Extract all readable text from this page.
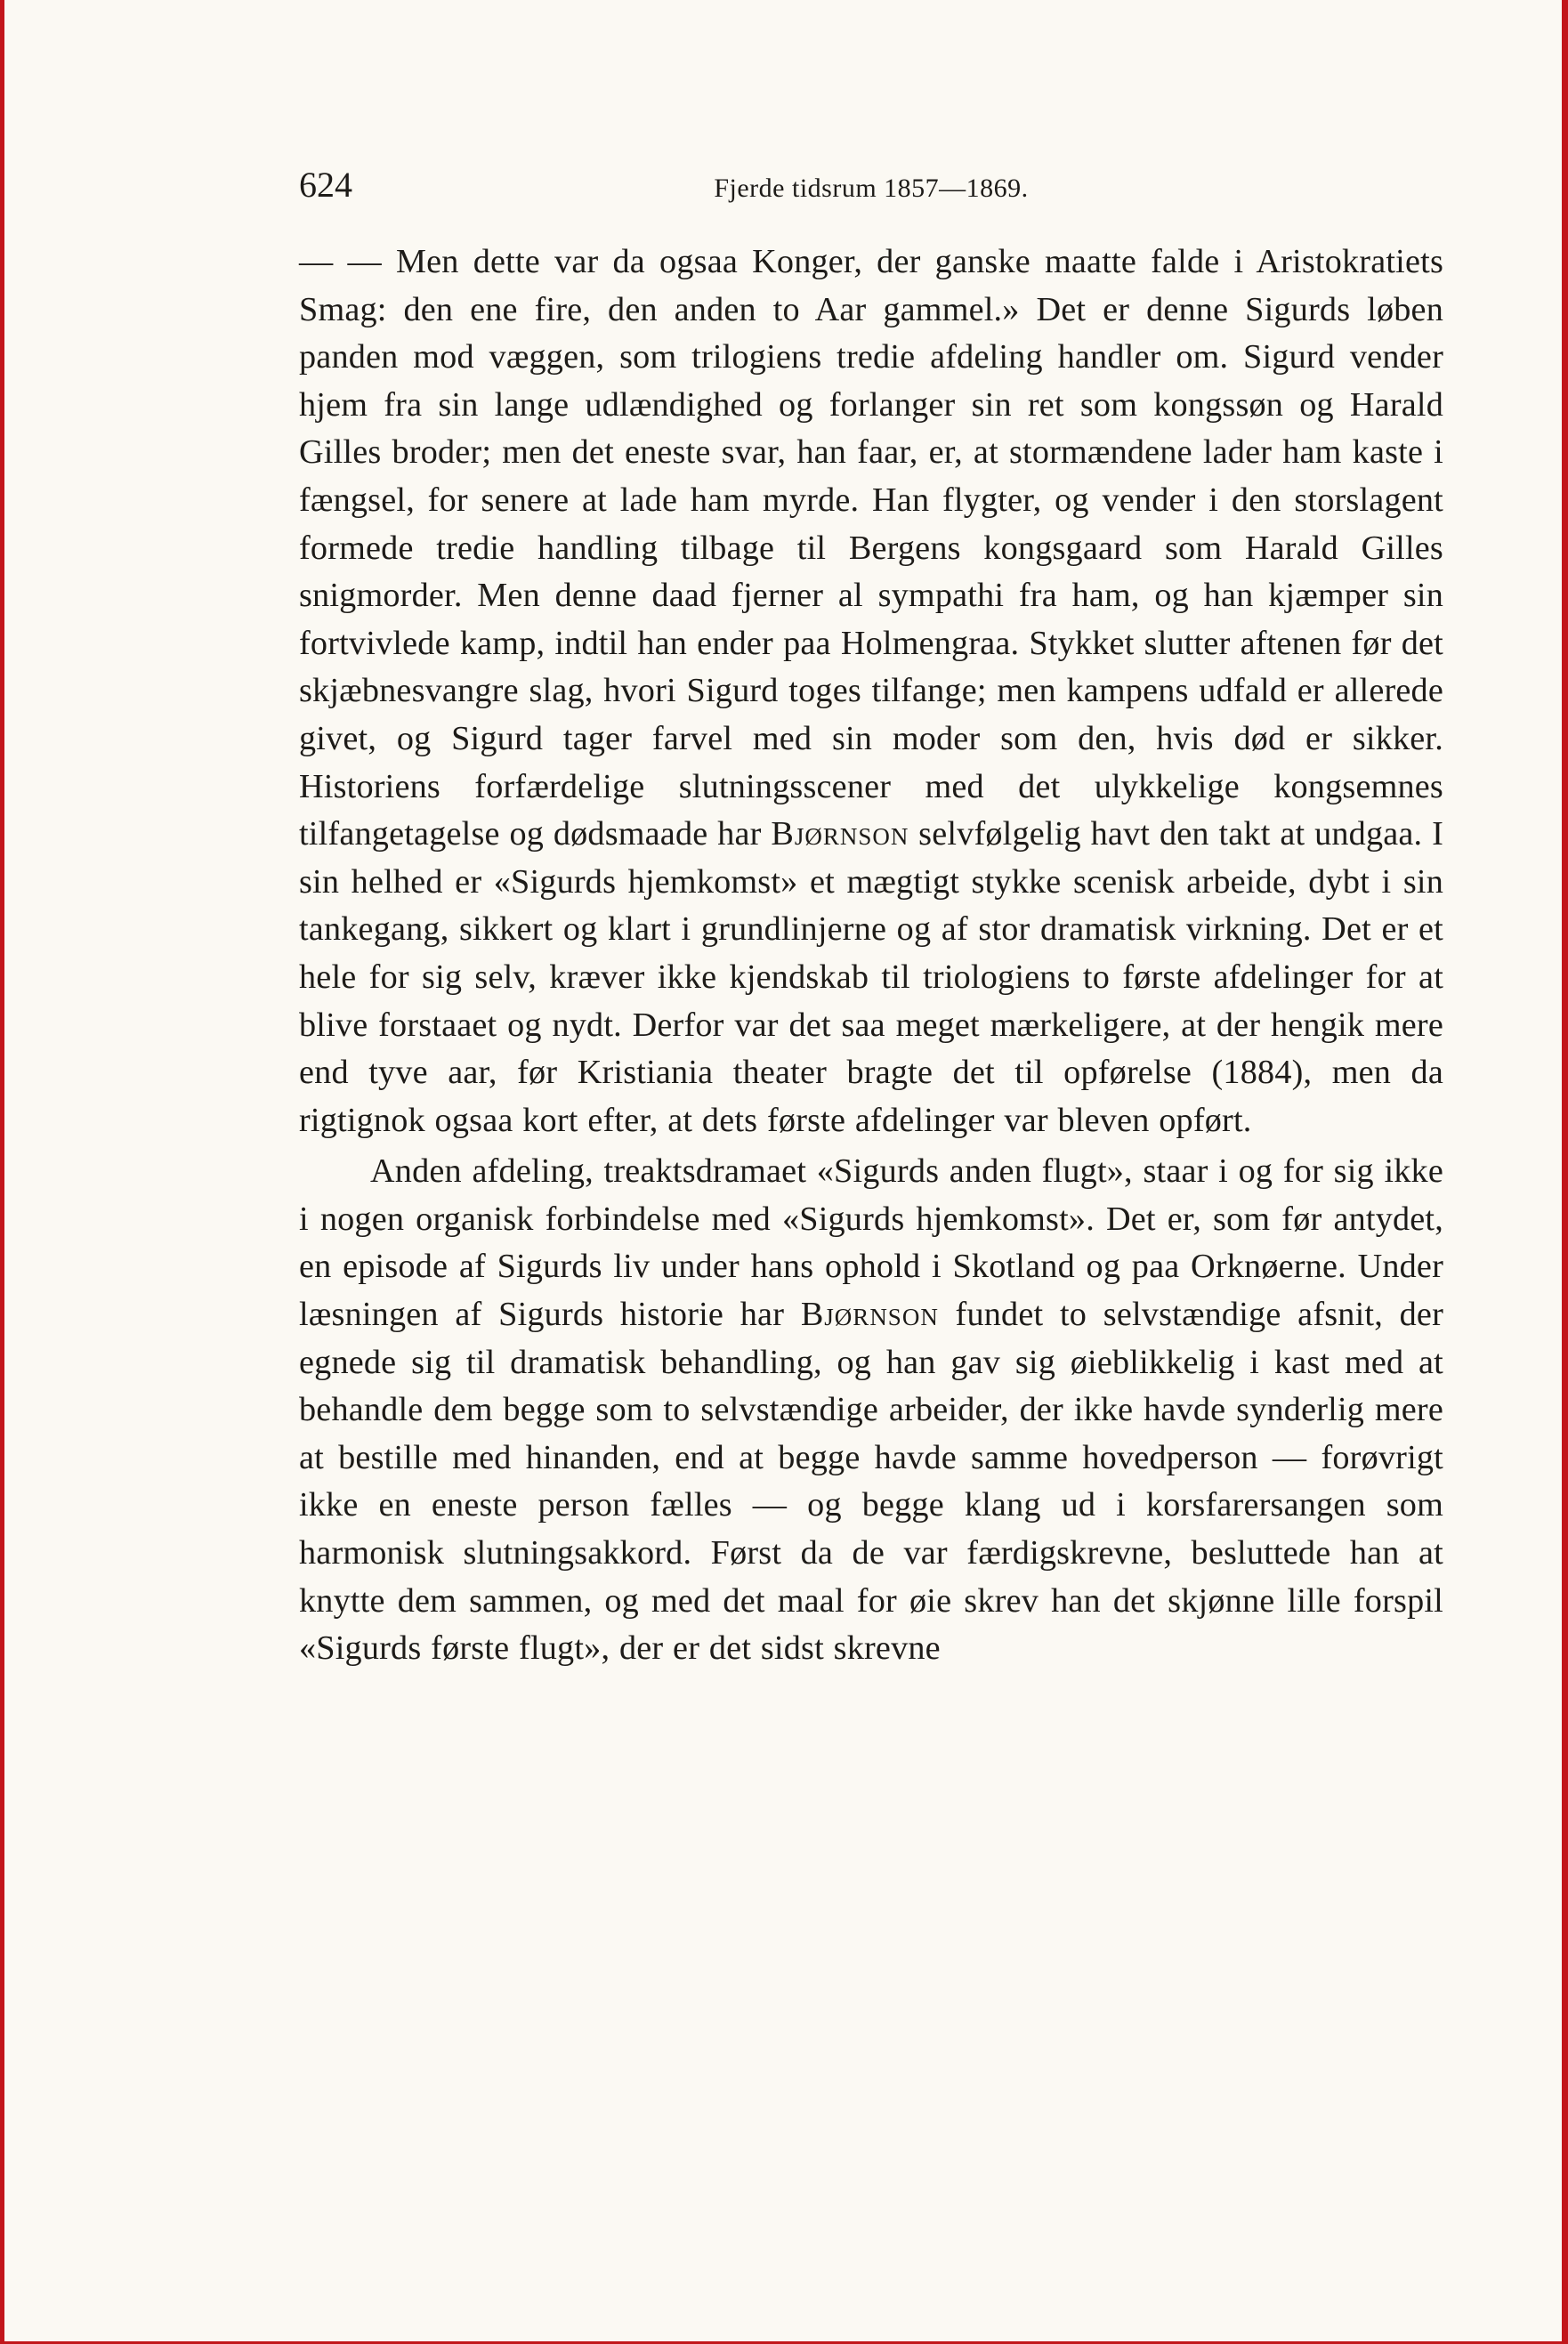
624	Fjerde tidsrum 1857—1869.

— — Men dette var da ogsaa Konger, der ganske maatte falde i Aristokratiets Smag: den ene fire, den anden to Aar gammel.» Det er denne Sigurds løben panden mod væggen, som trilogiens tredie afdeling handler om. Sigurd vender hjem fra sin lange udlændighed og forlanger sin ret som kongssøn og Harald Gilles broder; men det eneste svar, han faar, er, at stormændene lader ham kaste i fængsel, for senere at lade ham myrde. Han flygter, og vender i den storslagent formede tredie handling tilbage til Bergens kongsgaard som Harald Gilles snigmorder. Men denne daad fjerner al sympathi fra ham, og han kjæmper sin fortvivlede kamp, indtil han ender paa Holmengraa. Stykket slutter aftenen før det skjæbnesvangre slag, hvori Sigurd toges tilfange; men kampens udfald er allerede givet, og Sigurd tager farvel med sin moder som den, hvis død er sikker. Historiens forfærdelige slutningsscener med det ulykkelige kongsemnes tilfangetagelse og dødsmaade har Bjørnson selvfølgelig havt den takt at undgaa. I sin helhed er «Sigurds hjemkomst» et mægtigt stykke scenisk arbeide, dybt i sin tankegang, sikkert og klart i grundlinjerne og af stor dramatisk virkning. Det er et hele for sig selv, kræver ikke kjendskab til triologiens to første afdelinger for at blive forstaaet og nydt. Derfor var det saa meget mærkeligere, at der hengik mere end tyve aar, før Kristiania theater bragte det til opførelse (1884), men da rigtignok ogsaa kort efter, at dets første afdelinger var bleven opført.

Anden afdeling, treaktsdramaet «Sigurds anden flugt», staar i og for sig ikke i nogen organisk forbindelse med «Sigurds hjemkomst». Det er, som før antydet, en episode af Sigurds liv under hans ophold i Skotland og paa Orknøerne. Under læsningen af Sigurds historie har Bjørnson fundet to selvstændige afsnit, der egnede sig til dramatisk behandling, og han gav sig øieblikkelig i kast med at behandle dem begge som to selvstændige arbeider, der ikke havde synderlig mere at bestille med hinanden, end at begge havde samme hovedperson — forøvrigt ikke en eneste person fælles — og begge klang ud i korsfarersangen som harmonisk slutningsakkord. Først da de var færdigskrevne, besluttede han at knytte dem sammen, og med det maal for øie skrev han det skjønne lille forspil «Sigurds første flugt», der er det sidst skrevne
